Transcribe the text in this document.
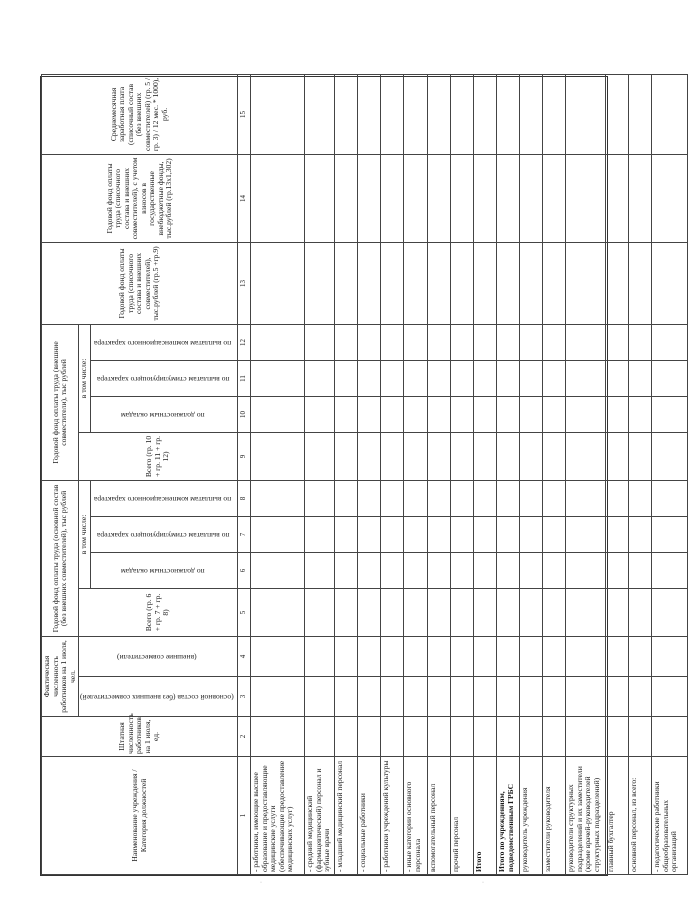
Наименование учреждения / Категория должностей	Штатная численность работников на 1 июля, ед.	Фактическая численность работников на 1 июля, чел.		Годовой фонд оплаты труда (основной состав (без внешних совместителей), тыс рублей				Годовой фонд оплаты труда (внешние совместители), тыс рублей				Годовой фонд оплаты труда (списочного состава и внешних совместителей), тыс.рублей (гр.5 +гр.9)	Годовой фонд оплаты труда (списочного состава и внешних совместителей), с учетом взносов в государственные внебюджетные фонды, тыс.рублей (гр.13х1,302)	Среднемесячная заработная плата (списочный состав (без внешних совместителей) (гр. 5 / гр. 3) / 12 мес. * 1000), руб.
		(основной состав (без внешних совместителей)	(внешние совместители)	Всего (гр. 6 + гр. 7 + гр. 8)	в том числе:			Всего (гр. 10 + гр. 11 + гр. 12)	в том числе:					
					по должностным окладам	по выплатам стимулирующего характера	по выплатам компенсационного характера		по должностным окладам	по выплатам стимулирующего характера	по выплатам компенсационного характера			
1	2	3	4	5	6	7	8	9	10	11	12	13	14	15
- работники, имеющие высшее образование и предоставляющие медицинские услуги (обеспечивающие предоставление медицинских услуг)														
- средний медицинский (фармацевтический) персонал и зубные врачи														
- младший медицинский персонал														
- социальные работники														
- работники учреждений культуры														
- иные категории основного персонала														
вспомогательный персонал														
прочий персонал														
Итого														
Итого по учреждениям, подведомственным ГРБС														
руководитель учреждения														
заместители руководителя														
руководители структурных подразделений и их заместители (кроме врачей-руководителей структурных подразделений)														
главный бухгалтер														
основной персонал, из всего:														
- педагогические работники общеобразовательных организаций														
·	·
